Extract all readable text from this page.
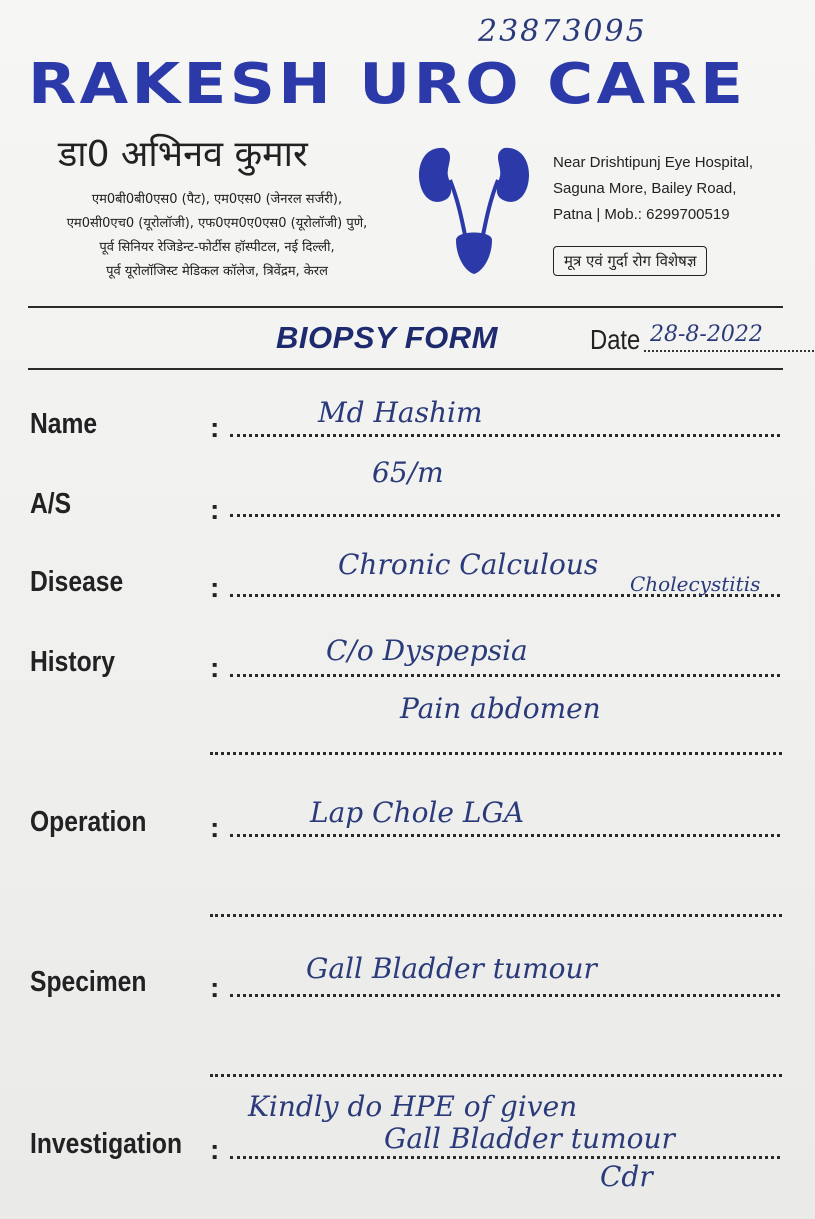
23873095
RAKESH URO CARE
डा0 अभिनव कुमार
एम0बी0बी0एस0 (पैट), एम0एस0 (जेनरल सर्जरी),
एम0सी0एच0 (यूरोलॉजी), एफ0एम0ए0एस0 (यूरोलॉजी) पुणे,
पूर्व सिनियर रेजिडेन्ट-फोर्टीस हॉस्पीटल, नई दिल्ली,
पूर्व यूरोलॉजिस्ट मेडिकल कॉलेज, त्रिवेंद्रम, केरल
Near Drishtipunj Eye Hospital,
Saguna More, Bailey Road,
Patna | Mob.: 6299700519
मूत्र एवं गुर्दा रोग विशेषज्ञ
BIOPSY FORM	Date 28-8-2022
Name	:	Md Hashim
A/S	:
65/m
Disease	:
Chronic Calculous
Cholecystitis
History	:
C/o Dyspepsia
Pain abdomen
Operation :	Lap Chole LGA
Specimen :
Gall Bladder tumour
Investigation :
Kindly do HPE of given
Gall Bladder tumour
Cdr
